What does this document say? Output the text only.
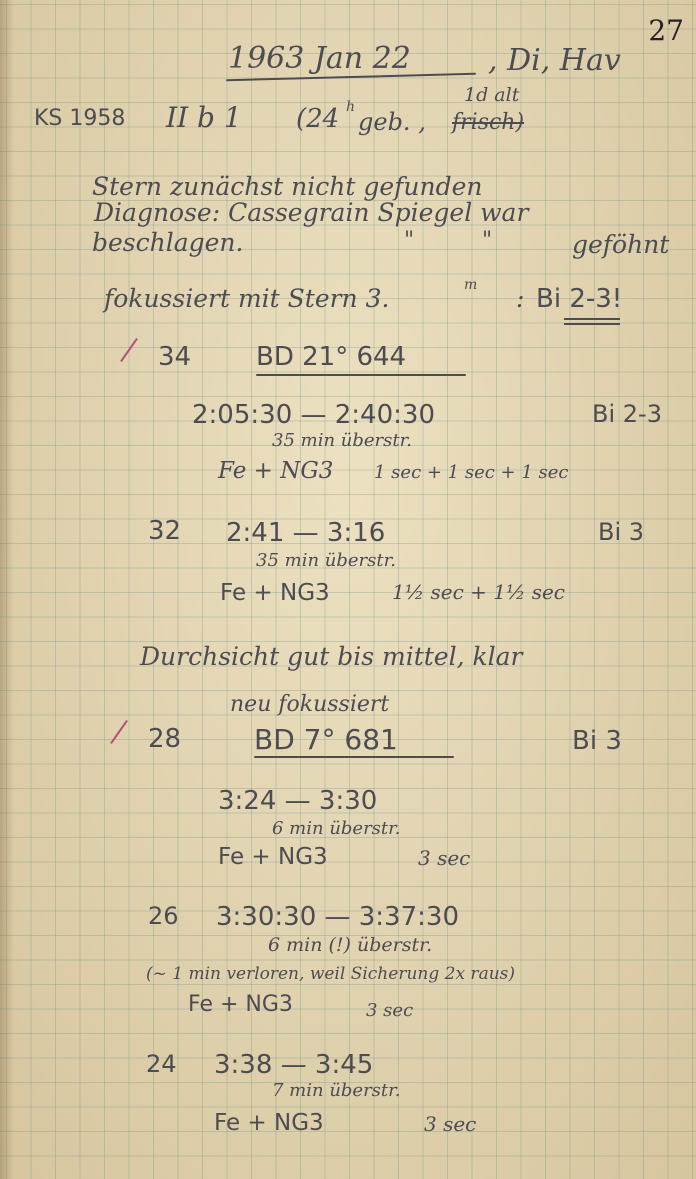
27
1963 Jan 22	, Di, Hav
KS 1958 II b 1 (24 h
geb. ,
1d alt
frisch)
Stern zunächst nicht gefunden
Diagnose: Cassegrain Spiegel war
beschlagen.	"	"	geföhnt
fokussiert mit Stern 3.	m : Bi 2-3!
34 BD 21° 644
2:05:30 — 2:40:30	Bi 2-3
35 min überstr.
Fe + NG3 1 sec + 1 sec + 1 sec
32 2:41 — 3:16	Bi 3
35 min überstr.
Fe + NG3	1½ sec + 1½ sec
Durchsicht gut bis mittel, klar
neu fokussiert
28	BD 7° 681	Bi 3
3:24 — 3:30
6 min überstr.
Fe + NG3	3 sec
26 3:30:30 — 3:37:30
6 min (!) überstr.
(~ 1 min verloren, weil Sicherung 2x raus)
Fe + NG3	3 sec
24 3:38 — 3:45
7 min überstr.
Fe + NG3	3 sec
